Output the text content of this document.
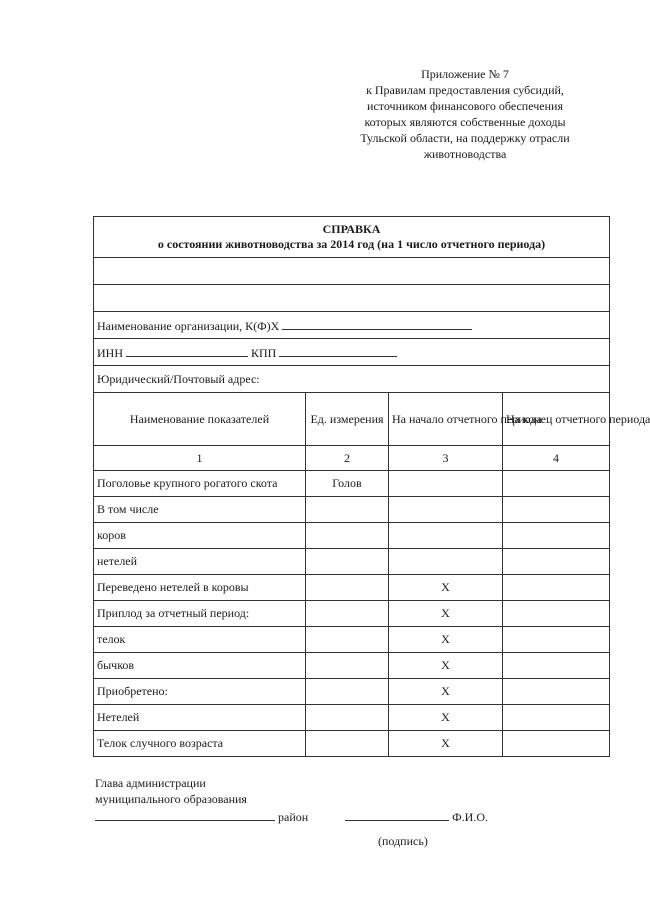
Приложение № 7
к Правилам предоставления субсидий,
источником финансового обеспечения
которых являются собственные доходы
Тульской области, на поддержку отрасли
животноводства
СПРАВКА
о состоянии животноводства за 2014 год (на 1 число отчетного периода)			

Наименование организации, К(Ф)Х			
ИНН КПП			
Юридический/Почтовый адрес:			
Наименование показателей	Ед. измерения	На начало отчетного периода	На конец отчетного периода
1	2	3	4
Поголовье крупного рогатого скота	Голов		
В том числе			
коров			
нетелей			
Переведено нетелей в коровы		Х	
Приплод за отчетный период:		Х	
телок		Х	
бычков		Х	
Приобретено:		Х	
Нетелей		Х	
Телок случного возраста		Х	
Глава администрации
муниципального образования
район	Ф.И.О.
(подпись)
